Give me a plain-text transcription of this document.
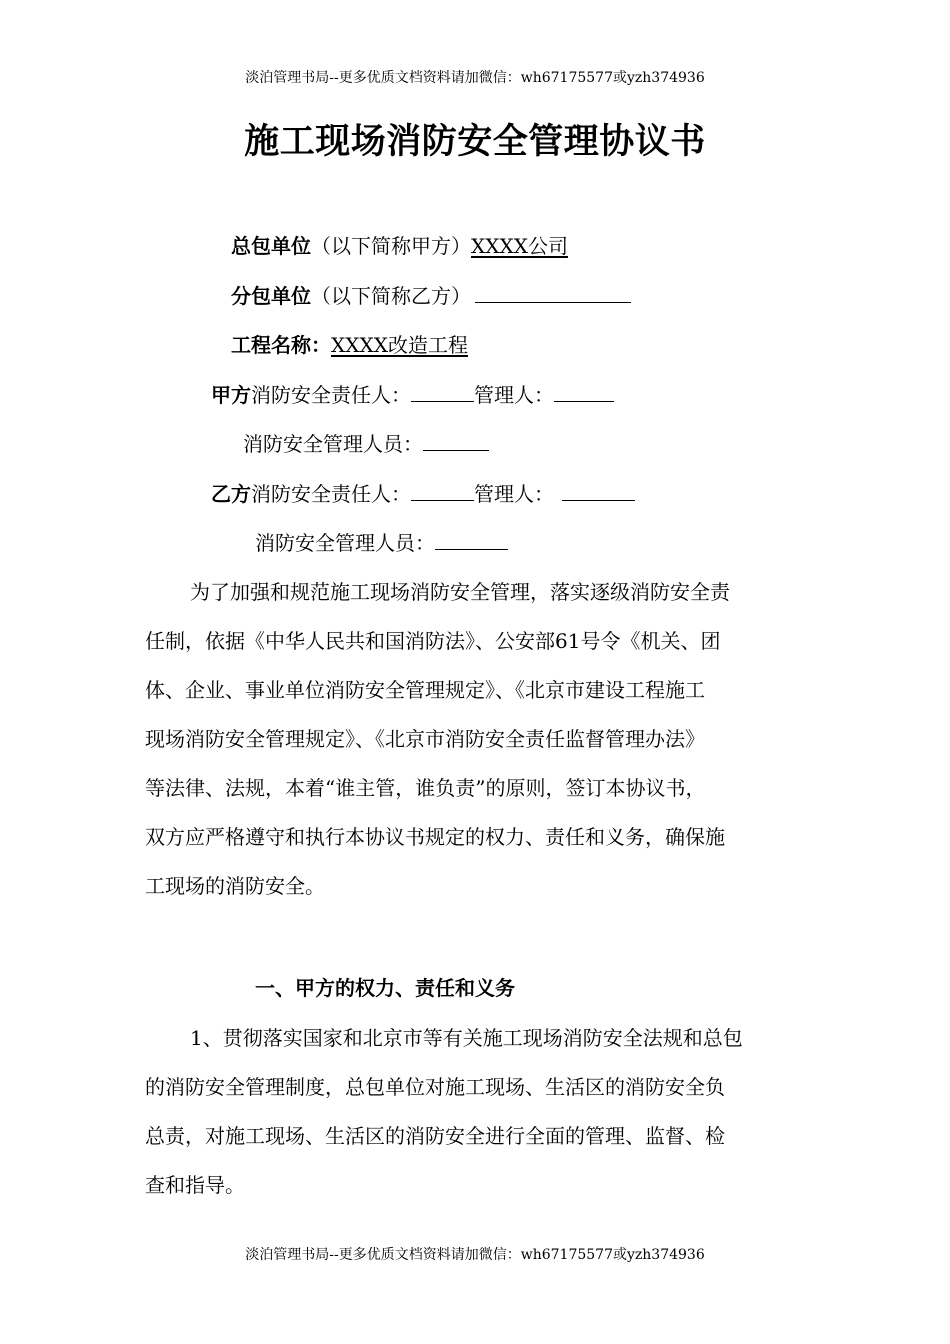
淡泊管理书局--更多优质文档资料请加微信：wh67175577或yzh374936
施工现场消防安全管理协议书
总包单位（以下简称甲方）XXXX公司
分包单位（以下简称乙方）
工程名称：XXXX改造工程
甲方消防安全责任人：	管理人：
消防安全管理人员：
乙方消防安全责任人：	管理人：
消防安全管理人员：
为了加强和规范施工现场消防安全管理，落实逐级消防安全责
任制，依据《中华人民共和国消防法》、公安部61号令《机关、团
体、企业、事业单位消防安全管理规定》、《北京市建设工程施工
现场消防安全管理规定》、《北京市消防安全责任监督管理办法》
等法律、法规，本着“谁主管，谁负责”的原则，签订本协议书，
双方应严格遵守和执行本协议书规定的权力、责任和义务，确保施
工现场的消防安全。
一、甲方的权力、责任和义务
1、贯彻落实国家和北京市等有关施工现场消防安全法规和总包
的消防安全管理制度，总包单位对施工现场、生活区的消防安全负
总责，对施工现场、生活区的消防安全进行全面的管理、监督、检
查和指导。
淡泊管理书局--更多优质文档资料请加微信：wh67175577或yzh374936
